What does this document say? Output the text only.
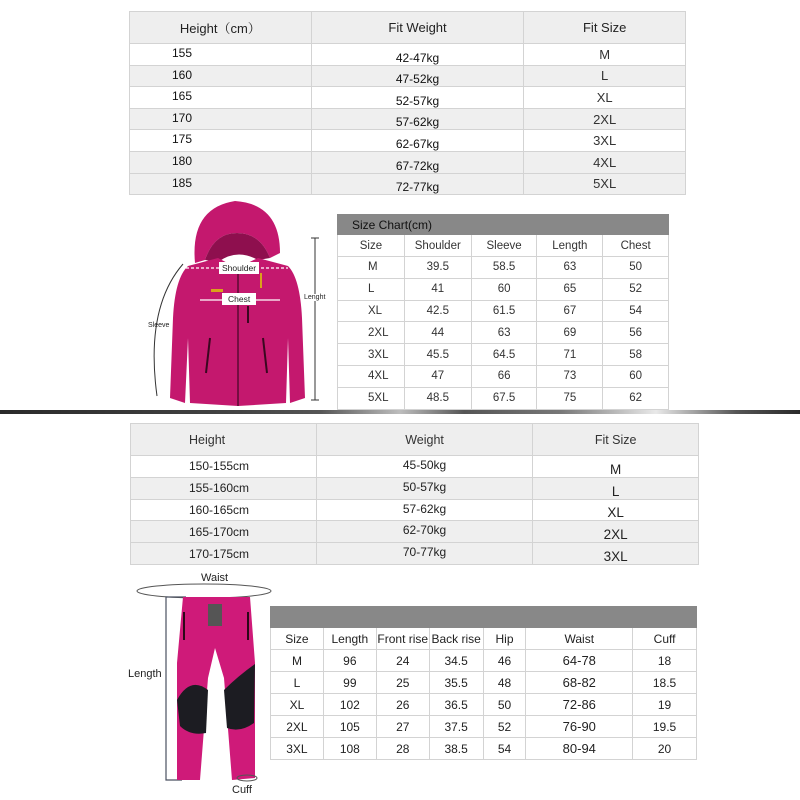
Height（cm）	Fit Weight	Fit Size
155	42-47kg	M
160	47-52kg	L
165	52-57kg	XL
170	57-62kg	2XL
175	62-67kg	3XL
180	67-72kg	4XL
185	72-77kg	5XL
Shoulder
Chest
Sleeve
Lenght
Size Chart(cm)				
Size	Shoulder	Sleeve	Length	Chest
M	39.5	58.5	63	50
L	41	60	65	52
XL	42.5	61.5	67	54
2XL	44	63	69	56
3XL	45.5	64.5	71	58
4XL	47	66	73	60
5XL	48.5	67.5	75	62
Height	Weight	Fit Size
150-155cm	45-50kg	M
155-160cm	50-57kg	L
160-165cm	57-62kg	XL
165-170cm	62-70kg	2XL
170-175cm	70-77kg	3XL
Waist
Length
Cuff

Size	Length	Front rise	Back rise	Hip	Waist	Cuff
M	96	24	34.5	46	64-78	18
L	99	25	35.5	48	68-82	18.5
XL	102	26	36.5	50	72-86	19
2XL	105	27	37.5	52	76-90	19.5
3XL	108	28	38.5	54	80-94	20
